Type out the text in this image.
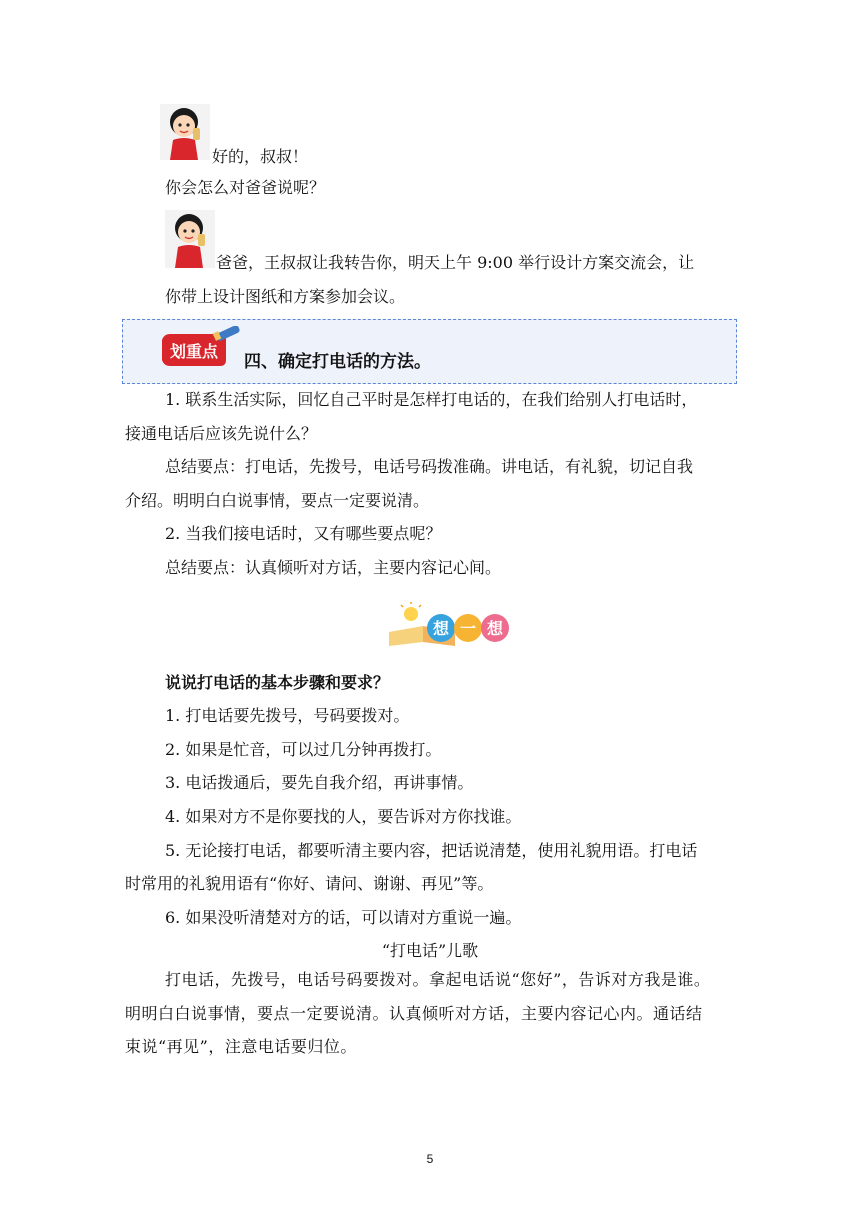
好的，叔叔！
你会怎么对爸爸说呢？
爸爸，王叔叔让我转告你，明天上午 9:00 举行设计方案交流会，让
你带上设计图纸和方案参加会议。
划重点
四、确定打电话的方法。
1. 联系生活实际，回忆自己平时是怎样打电话的，在我们给别人打电话时，
接通电话后应该先说什么？
总结要点：打电话，先拨号，电话号码拨准确。讲电话，有礼貌，切记自我
介绍。明明白白说事情，要点一定要说清。
2. 当我们接电话时，又有哪些要点呢？
总结要点：认真倾听对方话，主要内容记心间。
想 一 想
说说打电话的基本步骤和要求？
1. 打电话要先拨号，号码要拨对。
2. 如果是忙音，可以过几分钟再拨打。
3. 电话拨通后，要先自我介绍，再讲事情。
4. 如果对方不是你要找的人，要告诉对方你找谁。
5. 无论接打电话，都要听清主要内容，把话说清楚，使用礼貌用语。打电话
时常用的礼貌用语有“你好、请问、谢谢、再见”等。
6. 如果没听清楚对方的话，可以请对方重说一遍。
“打电话”儿歌
打电话，先拨号，电话号码要拨对。拿起电话说“您好”，告诉对方我是谁。
明明白白说事情，要点一定要说清。认真倾听对方话，主要内容记心内。通话结
束说“再见”，注意电话要归位。
5
